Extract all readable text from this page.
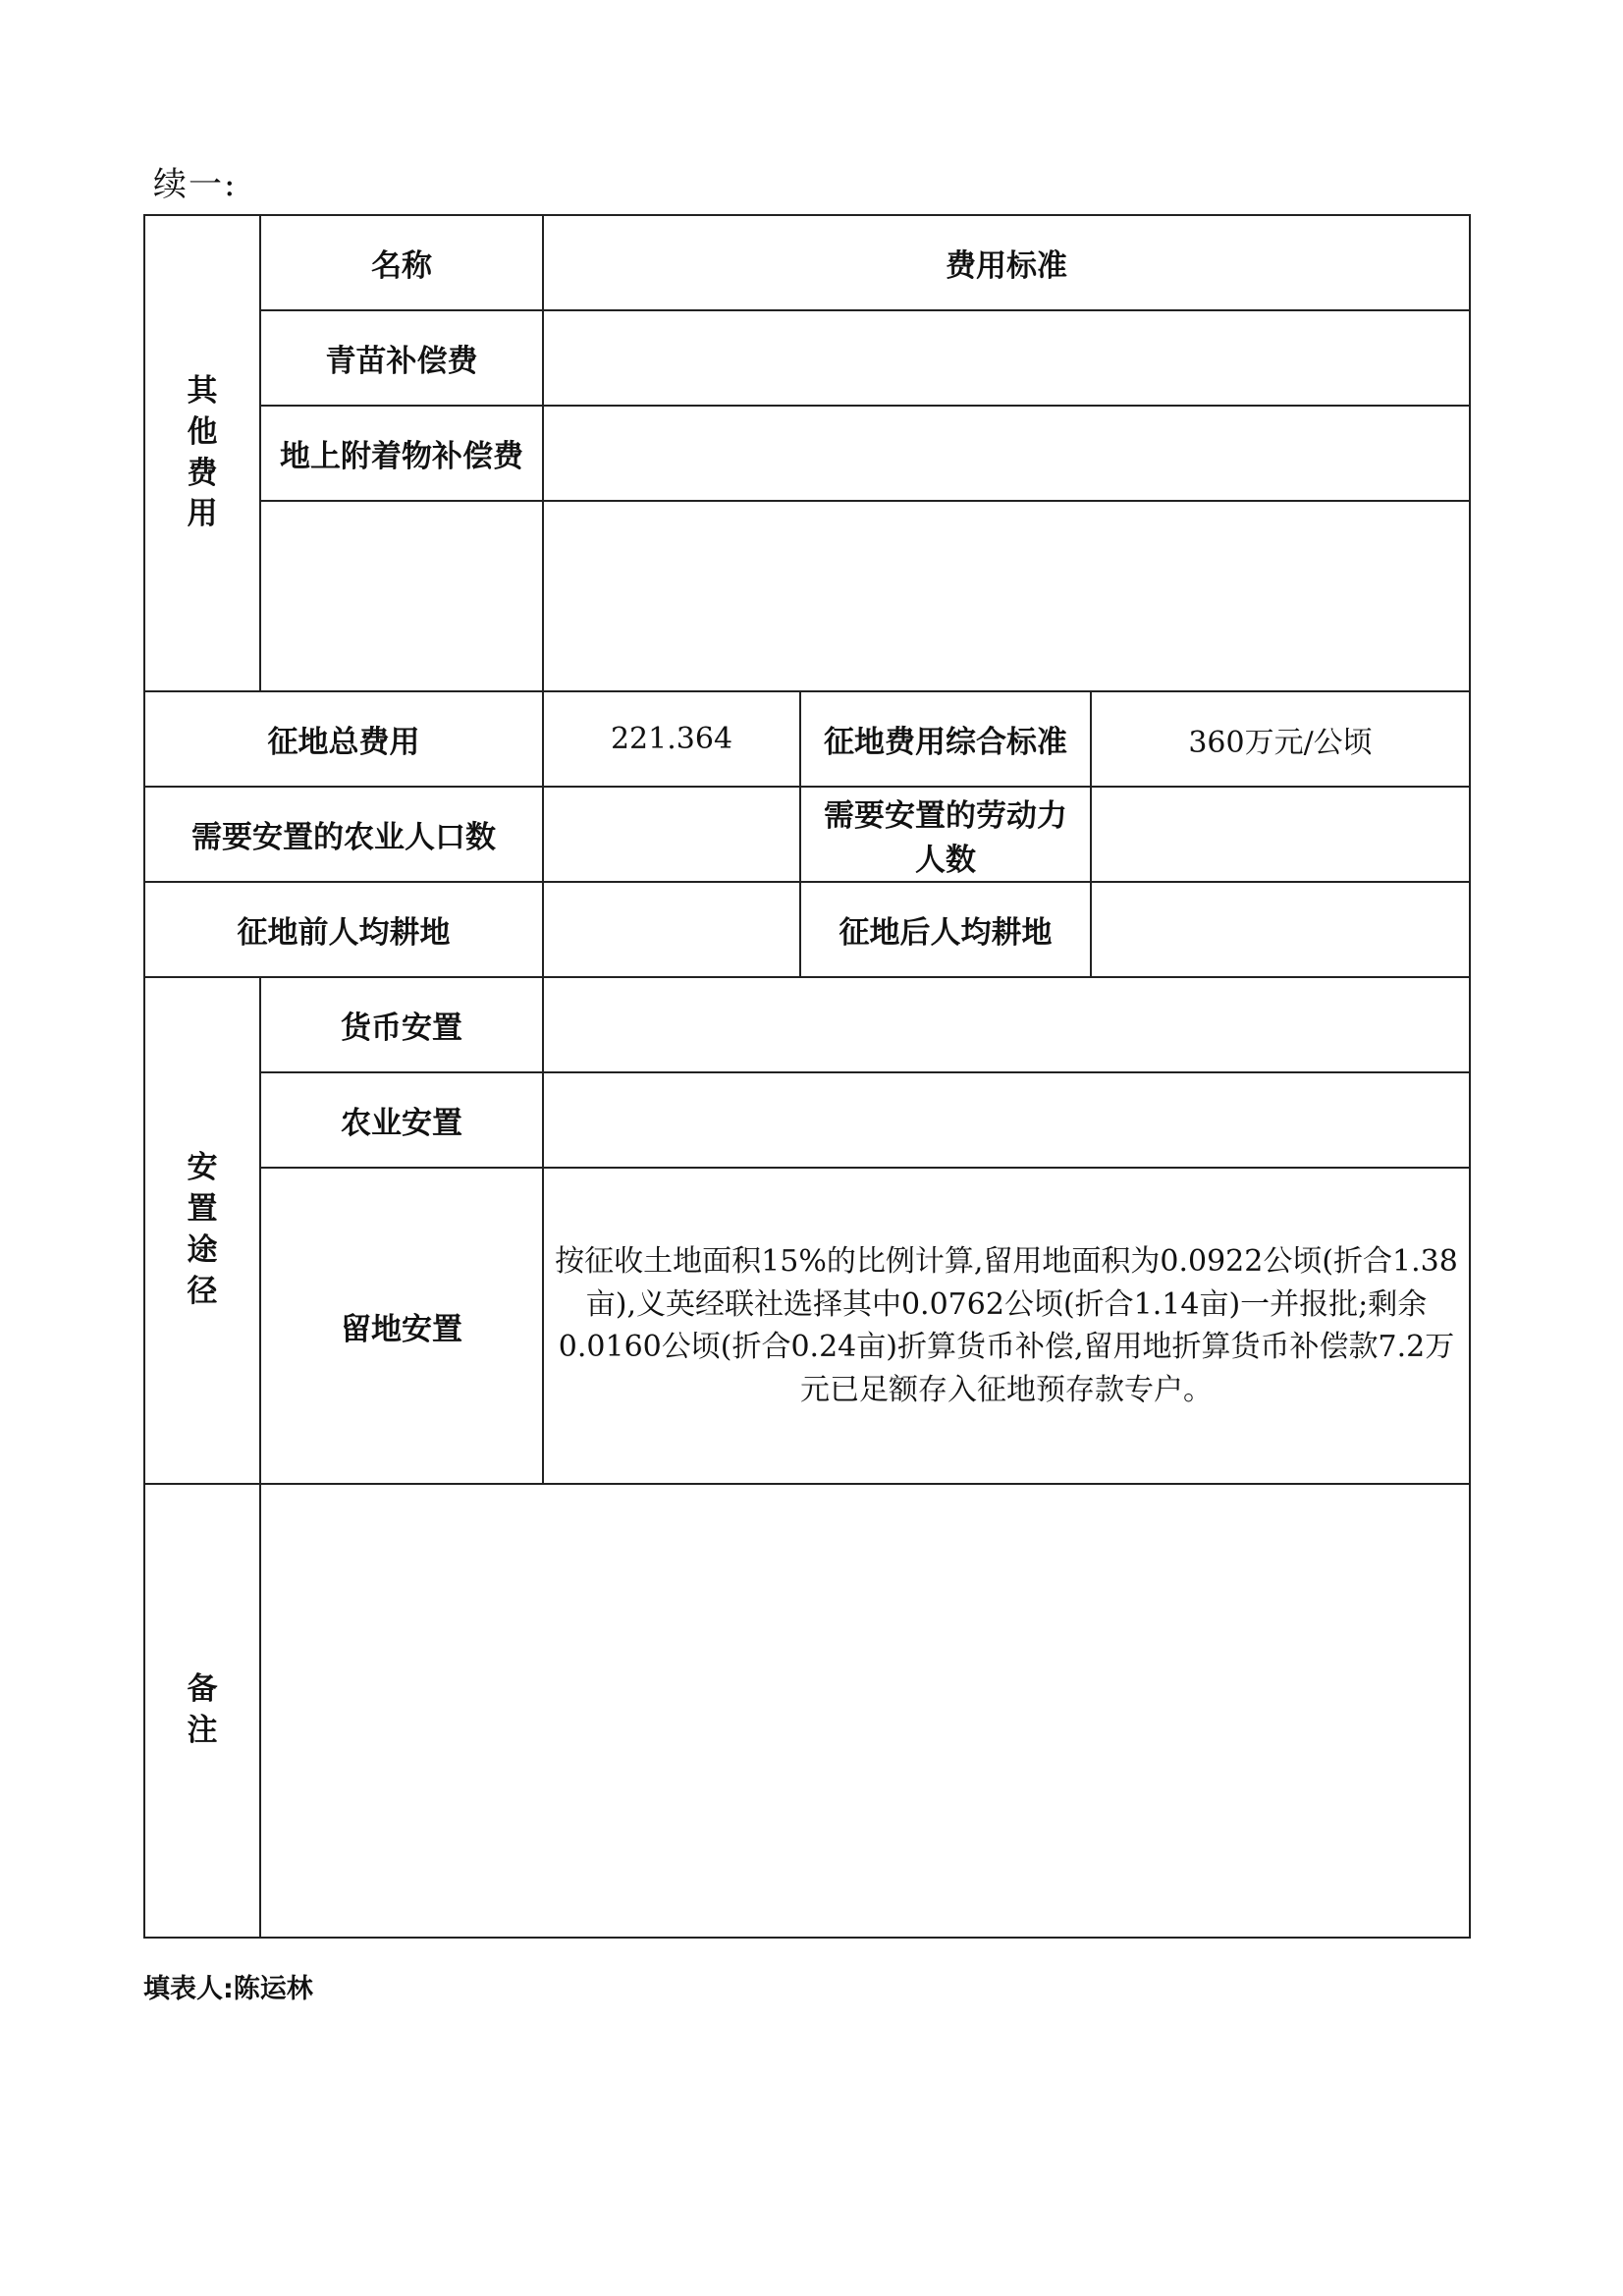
续一:
其他费用	名称	费用标准		
	青苗补偿费			
	地上附着物补偿费			

征地总费用		221.364	征地费用综合标准	360万元/公顷
需要安置的农业人口数			需要安置的劳动力人数	
征地前人均耕地			征地后人均耕地	
安置途径	货币安置			
	农业安置			
	留地安置	按征收土地面积15%的比例计算,留用地面积为0.0922公顷(折合1.38亩),义英经联社选择其中0.0762公顷(折合1.14亩)一并报批;剩余0.0160公顷(折合0.24亩)折算货币补偿,留用地折算货币补偿款7.2万元已足额存入征地预存款专户。		
备注				
填表人:陈运林
